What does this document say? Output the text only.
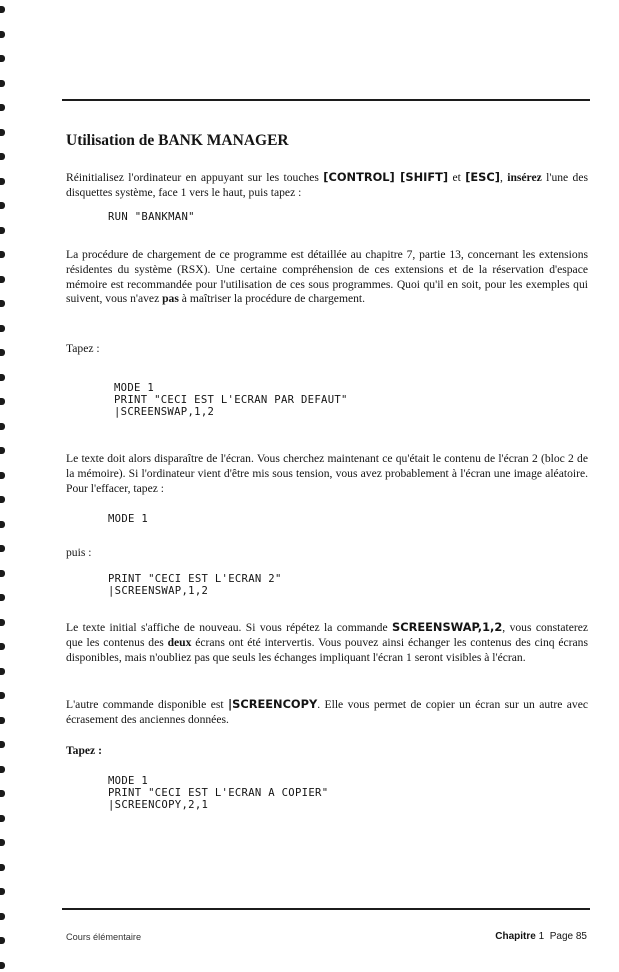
Utilisation de BANK MANAGER

Réinitialisez l'ordinateur en appuyant sur les touches [CONTROL] [SHIFT] et [ESC], insérez l'une des disquettes système, face 1 vers le haut, puis tapez :

RUN "BANKMAN"

La procédure de chargement de ce programme est détaillée au chapitre 7, partie 13, concernant les extensions résidentes du système (RSX). Une certaine compréhension de ces extensions et de la réservation d'espace mémoire est recommandée pour l'utilisation de ces sous programmes. Quoi qu'il en soit, pour les exemples qui suivent, vous n'avez pas à maîtriser la procédure de chargement.

Tapez :

MODE 1
PRINT "CECI EST L'ECRAN PAR DEFAUT"
|SCREENSWAP,1,2

Le texte doit alors disparaître de l'écran. Vous cherchez maintenant ce qu'était le contenu de l'écran 2 (bloc 2 de la mémoire). Si l'ordinateur vient d'être mis sous tension, vous avez probablement à l'écran une image aléatoire. Pour l'effacer, tapez :

MODE 1

puis :

PRINT "CECI EST L'ECRAN 2"
|SCREENSWAP,1,2

Le texte initial s'affiche de nouveau. Si vous répétez la commande SCREENSWAP,1,2, vous constaterez que les contenus des deux écrans ont été intervertis. Vous pouvez ainsi échanger les contenus des cinq écrans disponibles, mais n'oubliez pas que seuls les échanges impliquant l'écran 1 seront visibles à l'écran.

L'autre commande disponible est |SCREENCOPY. Elle vous permet de copier un écran sur un autre avec écrasement des anciennes données.

Tapez :

MODE 1
PRINT "CECI EST L'ECRAN A COPIER"
|SCREENCOPY,2,1
Cours élémentaire	Chapitre 1 Page 85
